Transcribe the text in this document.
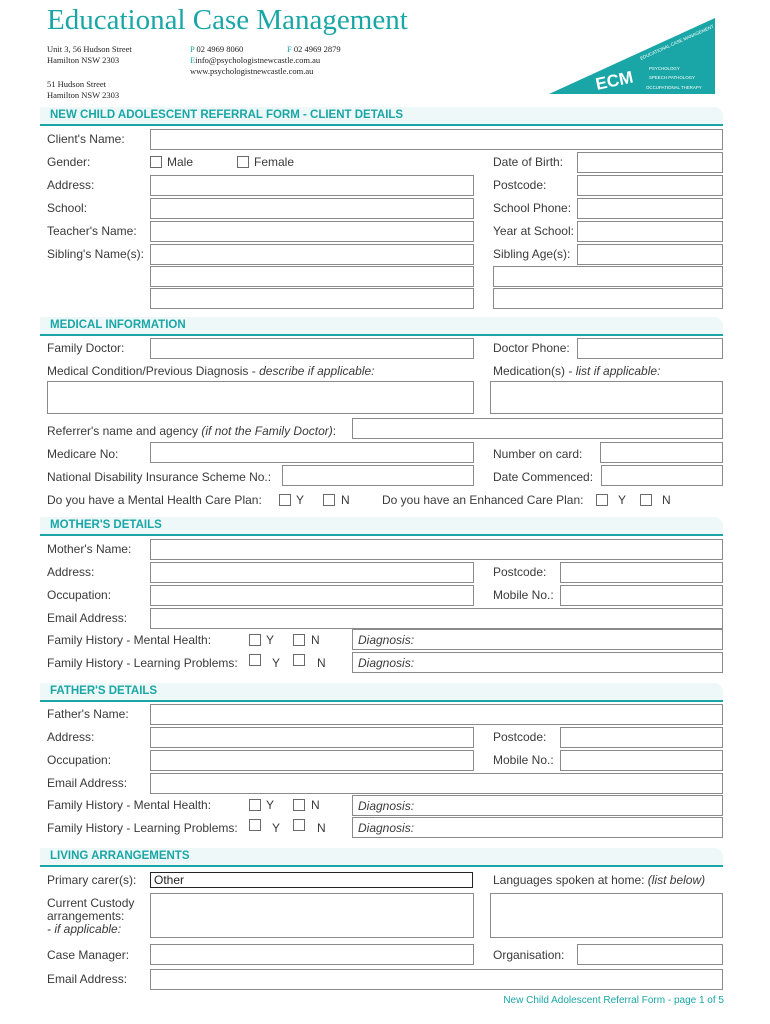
Educational Case Management
Unit 3, 56 Hudson Street
Hamilton NSW 2303
51 Hudson Street
Hamilton NSW 2303
P 02 4969 8060	F 02 4969 2879
Einfo@psychologistnewcastle.com.au
www.psychologistnewcastle.com.au	ECM
EDUCATIONAL CASE MANAGEMENT
PSYCHOLOGY
SPEECH PATHOLOGY
OCCUPATIONAL THERAPY
NEW CHILD ADOLESCENT REFERRAL FORM - CLIENT DETAILS
Client's Name:
Gender:	Male	Female	Date of Birth:
Address:	Postcode:
School:	School Phone:
Teacher's Name:	Year at School:
Sibling's Name(s):	Sibling Age(s):
MEDICAL INFORMATION
Family Doctor:	Doctor Phone:
Medical Condition/Previous Diagnosis - describe if applicable:	Medication(s) - list if applicable:
Referrer's name and agency (if not the Family Doctor):
Medicare No:	Number on card:
National Disability Insurance Scheme No.:	Date Commenced:
Do you have a Mental Health Care Plan:	Y	N	Do you have an Enhanced Care Plan:	Y	N
MOTHER'S DETAILS
Mother's Name:
Address:	Postcode:
Occupation:	Mobile No.:
Email Address:
Family History - Mental Health:	Y	N	Diagnosis:
Family History - Learning Problems:	Y	N	Diagnosis:
FATHER'S DETAILS
Father's Name:
Address:	Postcode:
Occupation:	Mobile No.:
Email Address:
Family History - Mental Health:	Y	N	Diagnosis:
Family History - Learning Problems:	Y	N	Diagnosis:
LIVING ARRANGEMENTS
Primary carer(s): Other	Languages spoken at home: (list below)
Current Custody
arrangements:
- if applicable:
Case Manager:	Organisation:
Email Address:
New Child Adolescent Referral Form - page 1 of 5
